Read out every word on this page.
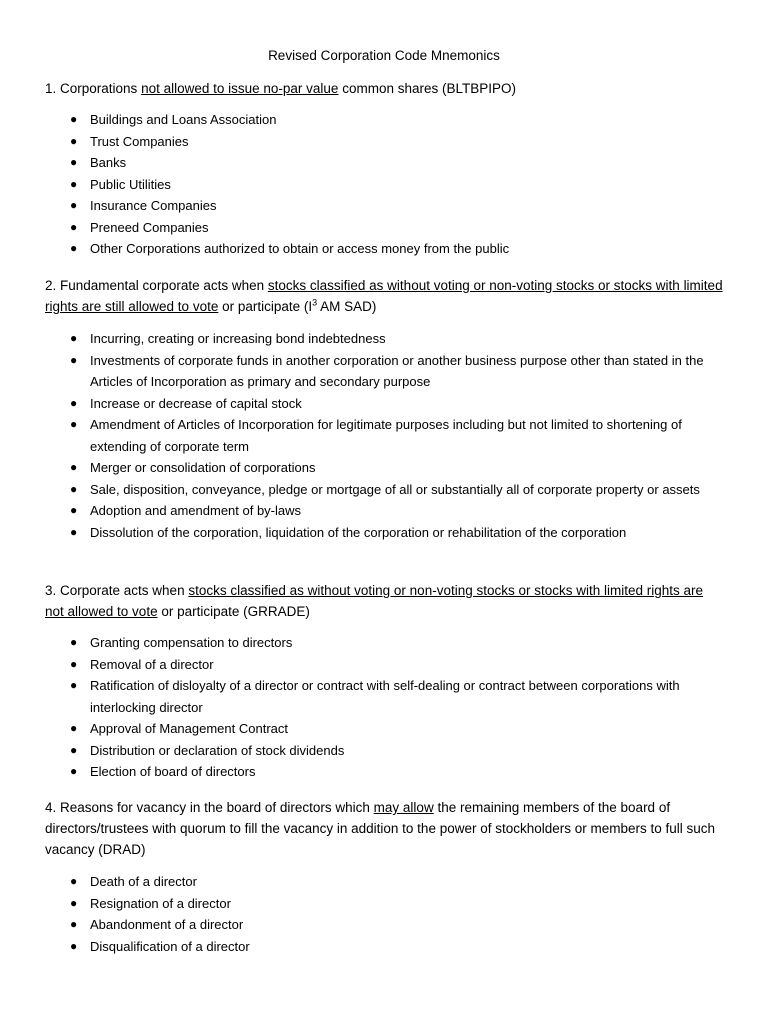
Revised Corporation Code Mnemonics
1. Corporations not allowed to issue no-par value common shares (BLTBPIPO)
● Buildings and Loans Association
● Trust Companies
● Banks
● Public Utilities
● Insurance Companies
● Preneed Companies
● Other Corporations authorized to obtain or access money from the public
2. Fundamental corporate acts when stocks classified as without voting or non-voting stocks or stocks with limited rights are still allowed to vote or participate ($I^3$ AM SAD)
● Incurring, creating or increasing bond indebtedness
● Investments of corporate funds in another corporation or another business purpose other than stated in the Articles of Incorporation as primary and secondary purpose
● Increase or decrease of capital stock
● Amendment of Articles of Incorporation for legitimate purposes including but not limited to shortening of extending of corporate term
● Merger or consolidation of corporations
● Sale, disposition, conveyance, pledge or mortgage of all or substantially all of corporate property or assets
● Adoption and amendment of by-laws
● Dissolution of the corporation, liquidation of the corporation or rehabilitation of the corporation
3. Corporate acts when stocks classified as without voting or non-voting stocks or stocks with limited rights are not allowed to vote or participate (GRRADE)
● Granting compensation to directors
● Removal of a director
● Ratification of disloyalty of a director or contract with self-dealing or contract between corporations with interlocking director
● Approval of Management Contract
● Distribution or declaration of stock dividends
● Election of board of directors
4. Reasons for vacancy in the board of directors which may allow the remaining members of the board of directors/trustees with quorum to fill the vacancy in addition to the power of stockholders or members to full such vacancy (DRAD)
● Death of a director
● Resignation of a director
● Abandonment of a director
● Disqualification of a director
